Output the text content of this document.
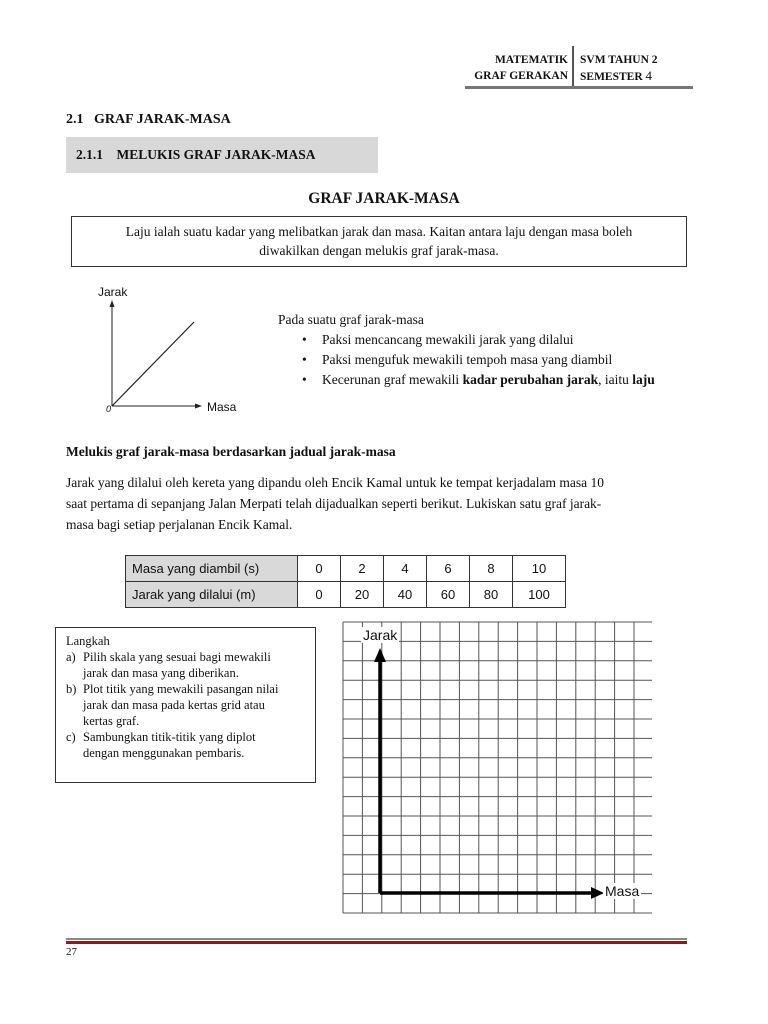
MATEMATIK
GRAF GERAKAN
SVM TAHUN 2
SEMESTER 4
2.1 GRAF JARAK-MASA
2.1.1 MELUKIS GRAF JARAK-MASA
GRAF JARAK-MASA
Laju ialah suatu kadar yang melibatkan jarak dan masa. Kaitan antara laju dengan masa boleh
diwakilkan dengan melukis graf jarak-masa.
Jarak
Masa
0
Pada suatu graf jarak-masa
• Paksi mencancang mewakili jarak yang dilalui
• Paksi mengufuk mewakili tempoh masa yang diambil
• Kecerunan graf mewakili kadar perubahan jarak, iaitu laju
Melukis graf jarak-masa berdasarkan jadual jarak-masa
Jarak yang dilalui oleh kereta yang dipandu oleh Encik Kamal untuk ke tempat kerjadalam masa 10
saat pertama di sepanjang Jalan Merpati telah dijadualkan seperti berikut. Lukiskan satu graf jarak-
masa bagi setiap perjalanan Encik Kamal.
Masa yang diambil (s)	0	2	4	6	8	10
Jarak yang dilalui (m)	0	20	40	60	80	100
Langkah
a) Pilih skala yang sesuai bagi mewakili
jarak dan masa yang diberikan.
b) Plot titik yang mewakili pasangan nilai
jarak dan masa pada kertas grid atau
kertas graf.
c) Sambungkan titik-titik yang diplot
dengan menggunakan pembaris.
Jarak
Masa
27
